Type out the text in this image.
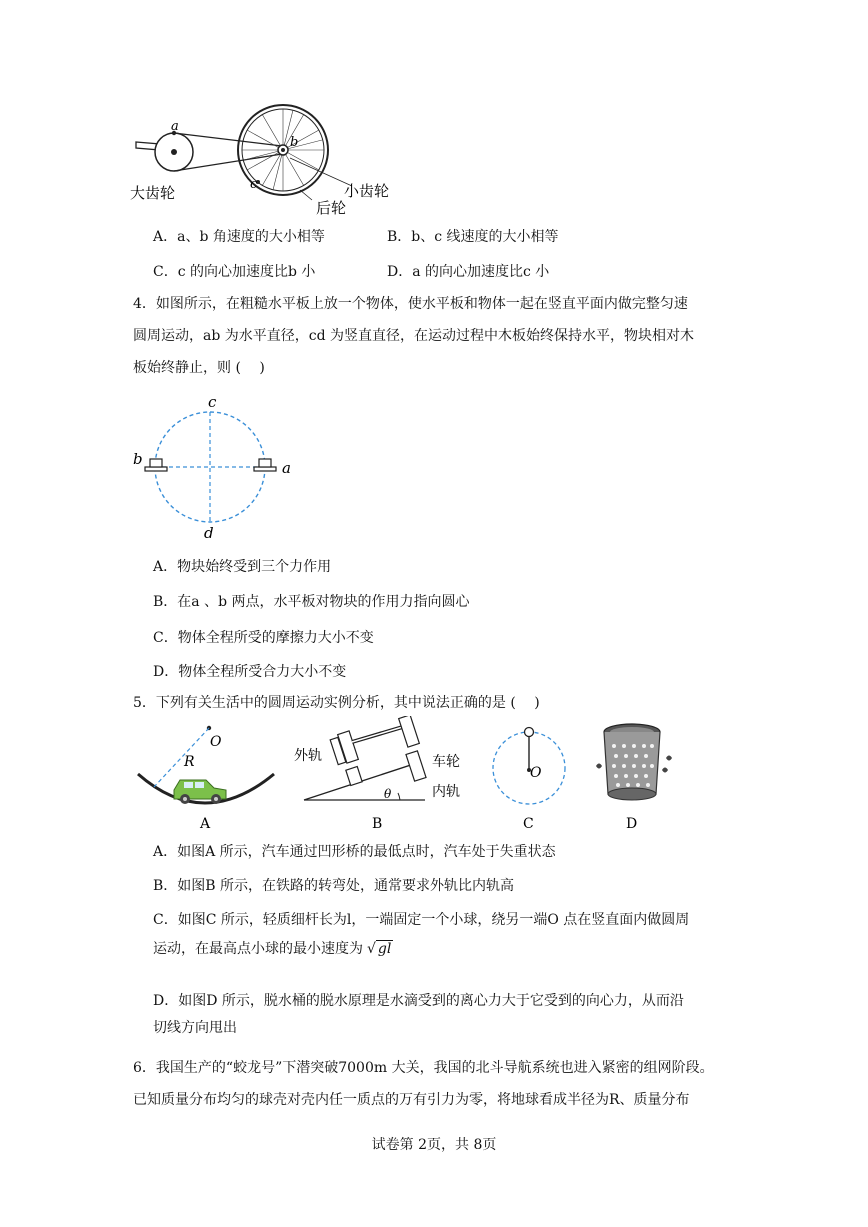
a
b
c
大齿轮	小齿轮
后轮
A．a、b 角速度的大小相等	B．b、c 线速度的大小相等
C．c 的向心加速度比b 小	D．a 的向心加速度比c 小
4．如图所示，在粗糙水平板上放一个物体，使水平板和物体一起在竖直平面内做完整匀速
圆周运动，ab 为水平直径，cd 为竖直直径，在运动过程中木板始终保持水平，物块相对木
板始终静止，则 (　 )
c
b	a
d
A．物块始终受到三个力作用
B．在a 、b 两点，水平板对物块的作用力指向圆心
C．物体全程所受的摩擦力大小不变
D．物体全程所受合力大小不变
5．下列有关生活中的圆周运动实例分析，其中说法正确的是 (　 )
O
R
A
外轨	车轮
内轨
θ
B
O
C	D
A．如图A 所示，汽车通过凹形桥的最低点时，汽车处于失重状态
B．如图B 所示，在铁路的转弯处，通常要求外轨比内轨高
C．如图C 所示，轻质细杆长为l，一端固定一个小球，绕另一端O 点在竖直面内做圆周
运动，在最高点小球的最小速度为 √ gl
D．如图D 所示，脱水桶的脱水原理是水滴受到的离心力大于它受到的向心力，从而沿
切线方向甩出
6．我国生产的“蛟龙号”下潜突破7000m 大关，我国的北斗导航系统也进入紧密的组网阶段。
已知质量分布均匀的球壳对壳内任一质点的万有引力为零，将地球看成半径为R、质量分布
试卷第 2页，共 8页
